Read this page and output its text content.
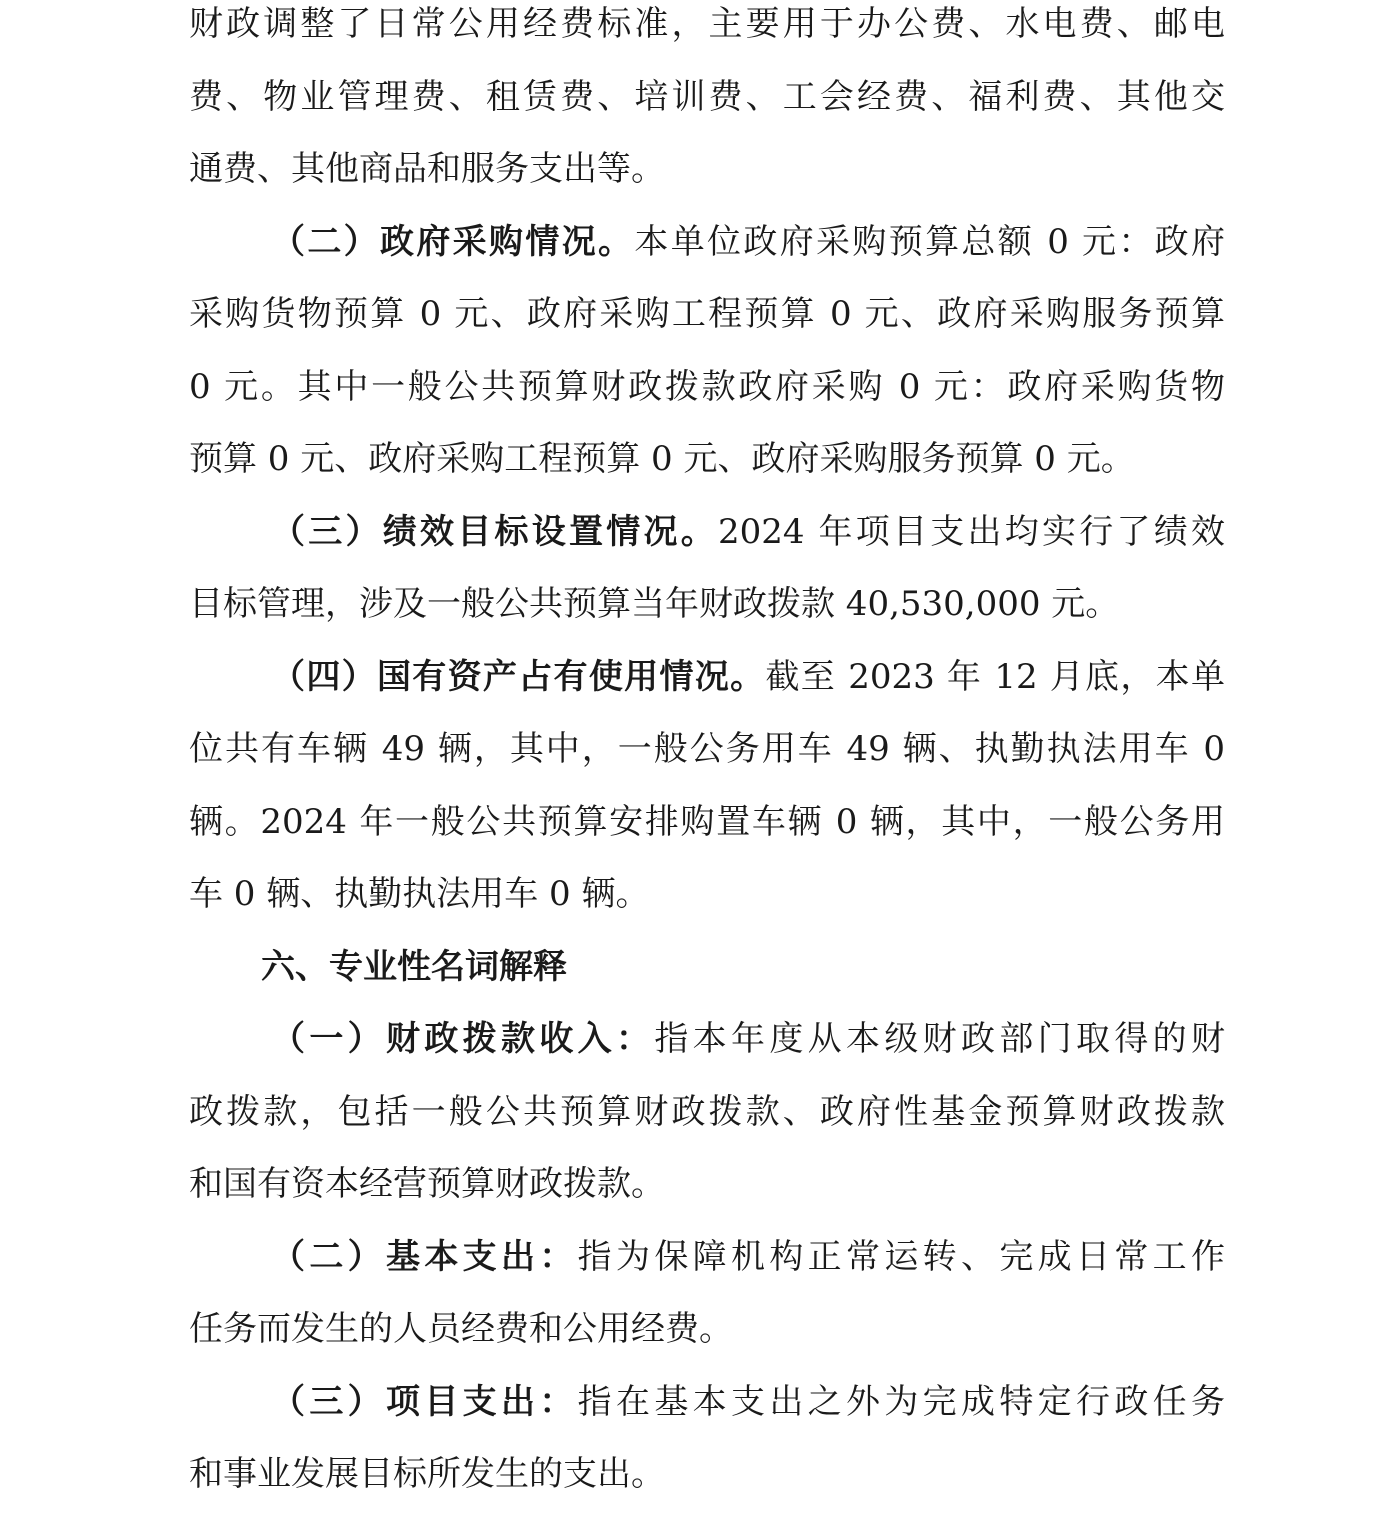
财政调整了日常公用经费标准，主要用于办公费、水电费、邮电
费、物业管理费、租赁费、培训费、工会经费、福利费、其他交
通费、其他商品和服务支出等。
（二）政府采购情况。本单位政府采购预算总额 0 元：政府
采购货物预算 0 元、政府采购工程预算 0 元、政府采购服务预算
0 元。其中一般公共预算财政拨款政府采购 0 元：政府采购货物
预算 0 元、政府采购工程预算 0 元、政府采购服务预算 0 元。
（三）绩效目标设置情况。2024 年项目支出均实行了绩效
目标管理，涉及一般公共预算当年财政拨款 40,530,000 元。
（四）国有资产占有使用情况。截至 2023 年 12 月底，本单
位共有车辆 49 辆，其中，一般公务用车 49 辆、执勤执法用车 0
辆。2024 年一般公共预算安排购置车辆 0 辆，其中，一般公务用
车 0 辆、执勤执法用车 0 辆。
六、专业性名词解释
（一）财政拨款收入：指本年度从本级财政部门取得的财
政拨款，包括一般公共预算财政拨款、政府性基金预算财政拨款
和国有资本经营预算财政拨款。
（二）基本支出：指为保障机构正常运转、完成日常工作
任务而发生的人员经费和公用经费。
（三）项目支出：指在基本支出之外为完成特定行政任务
和事业发展目标所发生的支出。
